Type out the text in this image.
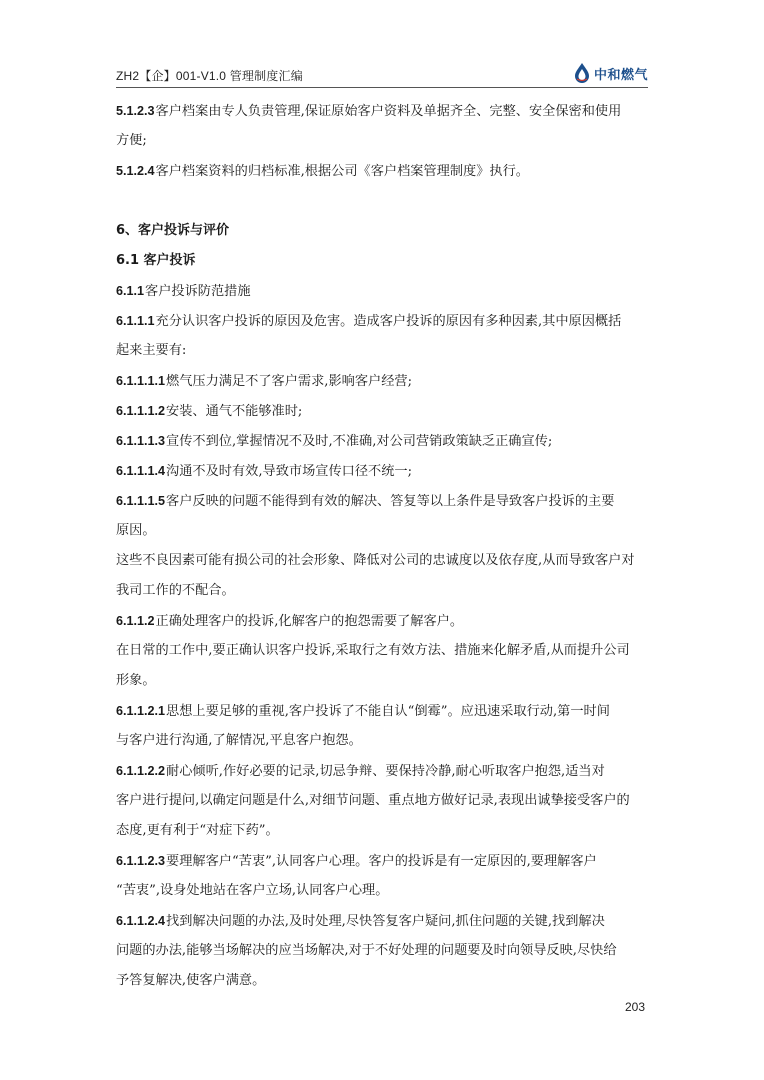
ZH2【企】001-V1.0 管理制度汇编	中和燃气
5.1.2.3客户档案由专人负责管理,保证原始客户资料及单据齐全、完整、安全保密和使用
方便;
5.1.2.4客户档案资料的归档标准,根据公司《客户档案管理制度》执行。
6、客户投诉与评价
6.1 客户投诉
6.1.1客户投诉防范措施
6.1.1.1充分认识客户投诉的原因及危害。造成客户投诉的原因有多种因素,其中原因概括
起来主要有:
6.1.1.1.1燃气压力满足不了客户需求,影响客户经营;
6.1.1.1.2安装、通气不能够准时;
6.1.1.1.3宣传不到位,掌握情况不及时,不准确,对公司营销政策缺乏正确宣传;
6.1.1.1.4沟通不及时有效,导致市场宣传口径不统一;
6.1.1.1.5客户反映的问题不能得到有效的解决、答复等以上条件是导致客户投诉的主要
原因。
这些不良因素可能有损公司的社会形象、降低对公司的忠诚度以及依存度,从而导致客户对
我司工作的不配合。
6.1.1.2正确处理客户的投诉,化解客户的抱怨需要了解客户。
在日常的工作中,要正确认识客户投诉,采取行之有效方法、措施来化解矛盾,从而提升公司
形象。
6.1.1.2.1思想上要足够的重视,客户投诉了不能自认“倒霉”。应迅速采取行动,第一时间
与客户进行沟通,了解情况,平息客户抱怨。
6.1.1.2.2耐心倾听,作好必要的记录,切忌争辩、要保持冷静,耐心听取客户抱怨,适当对
客户进行提问,以确定问题是什么,对细节问题、重点地方做好记录,表现出诚挚接受客户的
态度,更有利于“对症下药”。
6.1.1.2.3要理解客户“苦衷”,认同客户心理。客户的投诉是有一定原因的,要理解客户
“苦衷”,设身处地站在客户立场,认同客户心理。
6.1.1.2.4找到解决问题的办法,及时处理,尽快答复客户疑问,抓住问题的关键,找到解决
问题的办法,能够当场解决的应当场解决,对于不好处理的问题要及时向领导反映,尽快给
予答复解决,使客户满意。
203
